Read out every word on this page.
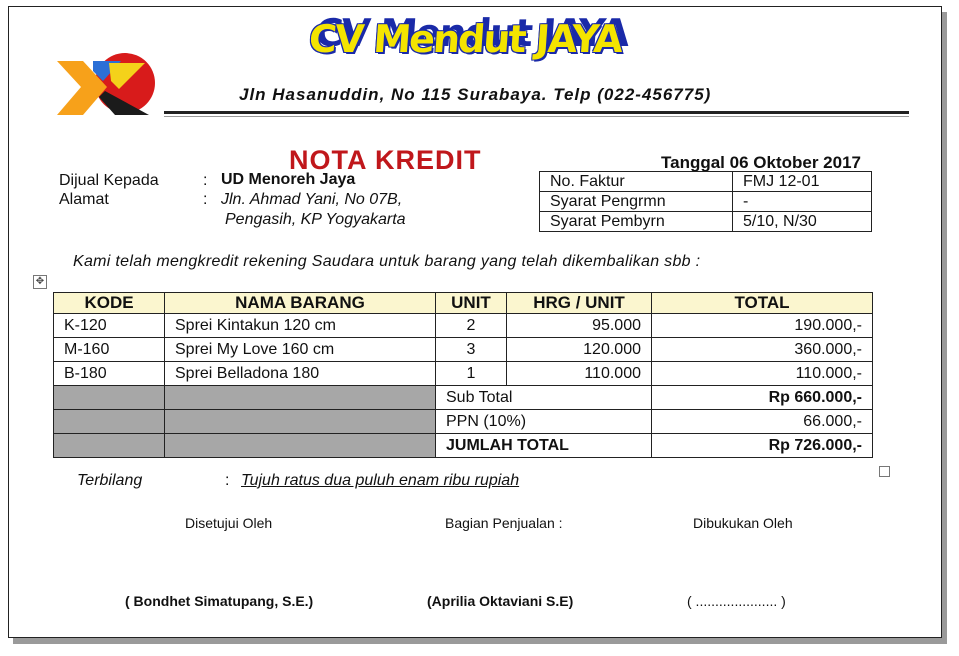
CV Mendut JAYA
Jln Hasanuddin, No 115 Surabaya. Telp (022-456775)
NOTA KREDIT	Tanggal 06 Oktober 2017
Dijual Kepada	: UD Menoreh Jaya
Alamat	: Jln. Ahmad Yani, No 07B,
Pengasih, KP Yogyakarta
No. Faktur	FMJ 12-01
Syarat Pengrmn	-
Syarat Pembyrn	5/10, N/30
Kami telah mengkredit rekening Saudara untuk barang yang telah dikembalikan sbb :
✥
KODE	NAMA BARANG	UNIT	HRG / UNIT	TOTAL
K-120	Sprei Kintakun 120 cm	2	95.000	190.000,-
M-160	Sprei My Love 160 cm	3	120.000	360.000,-
B-180	Sprei Belladona 180	1	110.000	110.000,-
		Sub Total		Rp 660.000,-
		PPN (10%)		66.000,-
		JUMLAH TOTAL		Rp 726.000,-
Terbilang	: Tujuh ratus dua puluh enam ribu rupiah
Disetujui Oleh	Bagian Penjualan :	Dibukukan Oleh
( Bondhet Simatupang, S.E.)	(Aprilia Oktaviani S.E)	( ..................... )
